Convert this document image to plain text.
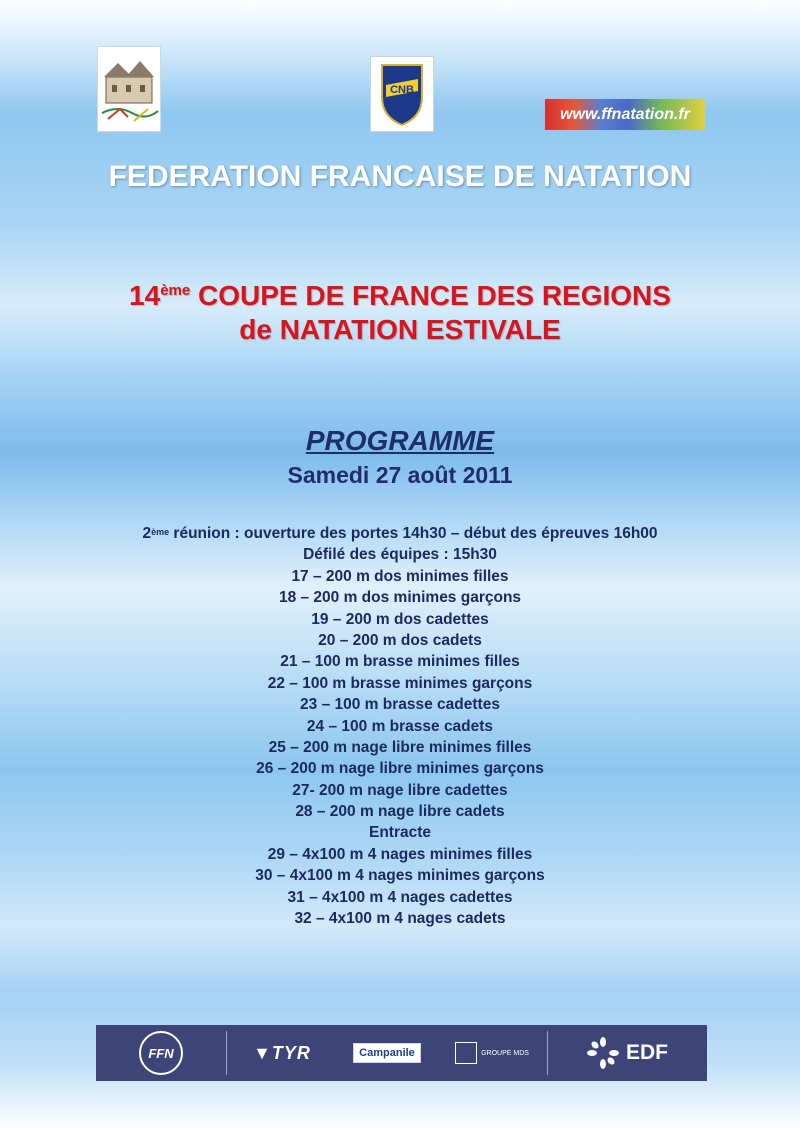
CNB
www.ffnatation.fr
FEDERATION FRANCAISE DE NATATION
14ème COUPE DE FRANCE DES REGIONS
de NATATION ESTIVALE
PROGRAMME
Samedi 27 août 2011
2ème réunion : ouverture des portes 14h30 – début des épreuves 16h00
Défilé des équipes : 15h30
17 – 200 m dos minimes filles
18 – 200 m dos minimes garçons
19 – 200 m dos cadettes
20 – 200 m dos cadets
21 – 100 m brasse minimes filles
22 – 100 m brasse minimes garçons
23 – 100 m brasse cadettes
24 – 100 m brasse cadets
25 – 200 m nage libre minimes filles
26 – 200 m nage libre minimes garçons
27- 200 m nage libre cadettes
28 – 200 m nage libre cadets
Entracte
29 – 4x100 m 4 nages minimes filles
30 – 4x100 m 4 nages minimes garçons
31 – 4x100 m 4 nages cadettes
32 – 4x100 m 4 nages cadets
FFN	▼TYR	Campanile	GROUPE MDS	EDF
